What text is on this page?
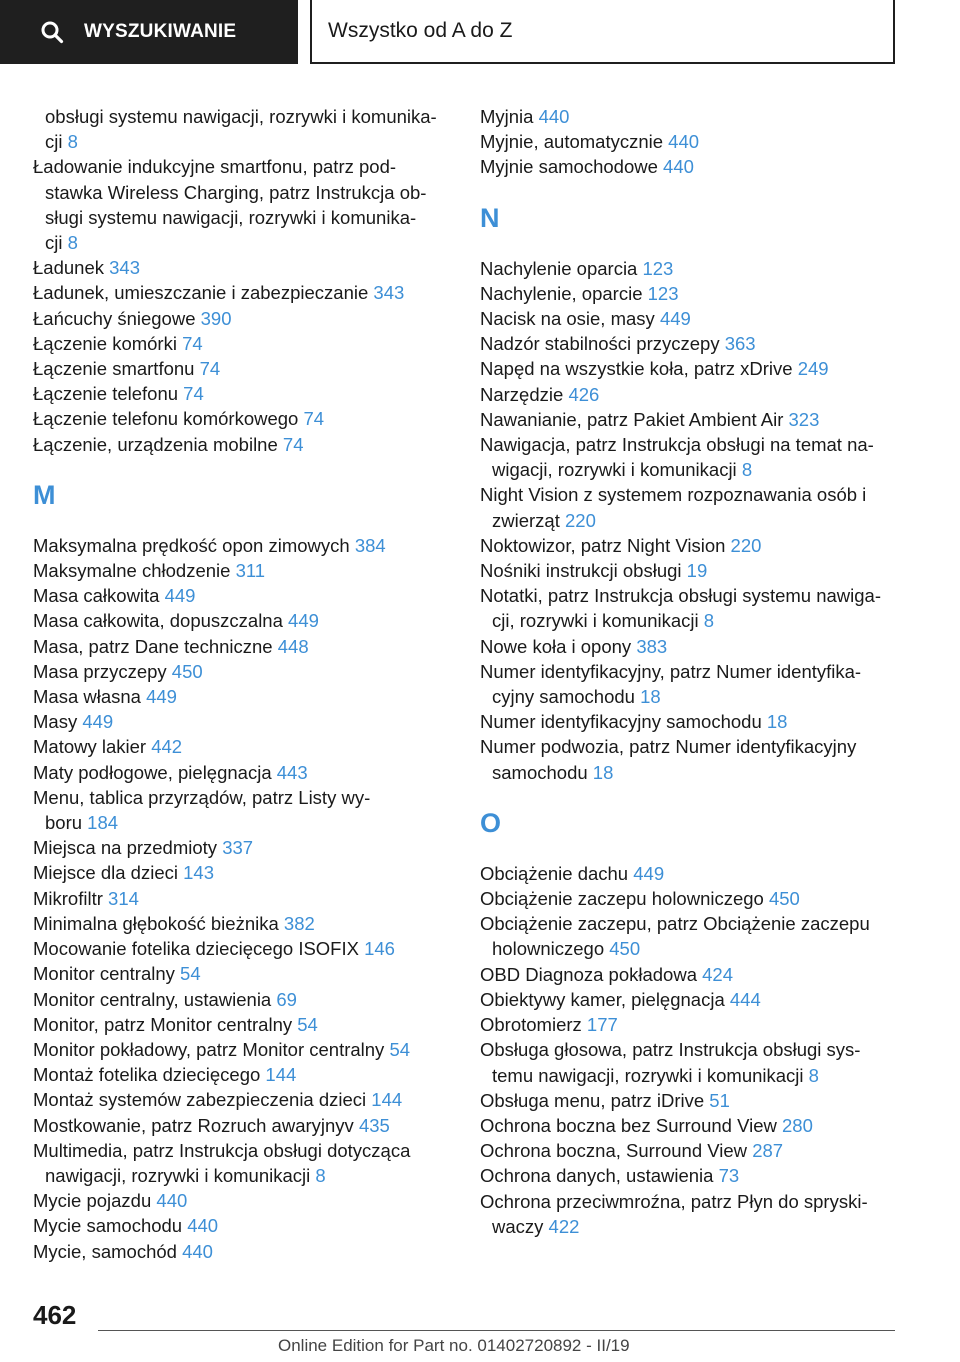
WYSZUKIWANIE	Wszystko od A do Z
obsługi systemu nawigacji, rozrywki i komunika-
cji 8
Ładowanie indukcyjne smartfonu, patrz pod-
stawka Wireless Charging, patrz Instrukcja ob-
sługi systemu nawigacji, rozrywki i komunika-
cji 8
Ładunek 343
Ładunek, umieszczanie i zabezpieczanie 343
Łańcuchy śniegowe 390
Łączenie komórki 74
Łączenie smartfonu 74
Łączenie telefonu 74
Łączenie telefonu komórkowego 74
Łączenie, urządzenia mobilne 74
M
Maksymalna prędkość opon zimowych 384
Maksymalne chłodzenie 311
Masa całkowita 449
Masa całkowita, dopuszczalna 449
Masa, patrz Dane techniczne 448
Masa przyczepy 450
Masa własna 449
Masy 449
Matowy lakier 442
Maty podłogowe, pielęgnacja 443
Menu, tablica przyrządów, patrz Listy wy-
boru 184
Miejsca na przedmioty 337
Miejsce dla dzieci 143
Mikrofiltr 314
Minimalna głębokość bieżnika 382
Mocowanie fotelika dziecięcego ISOFIX 146
Monitor centralny 54
Monitor centralny, ustawienia 69
Monitor, patrz Monitor centralny 54
Monitor pokładowy, patrz Monitor centralny 54
Montaż fotelika dziecięcego 144
Montaż systemów zabezpieczenia dzieci 144
Mostkowanie, patrz Rozruch awaryjnyv 435
Multimedia, patrz Instrukcja obsługi dotycząca
nawigacji, rozrywki i komunikacji 8
Mycie pojazdu 440
Mycie samochodu 440
Mycie, samochód 440
Myjnia 440
Myjnie, automatycznie 440
Myjnie samochodowe 440
N
Nachylenie oparcia 123
Nachylenie, oparcie 123
Nacisk na osie, masy 449
Nadzór stabilności przyczepy 363
Napęd na wszystkie koła, patrz xDrive 249
Narzędzie 426
Nawanianie, patrz Pakiet Ambient Air 323
Nawigacja, patrz Instrukcja obsługi na temat na-
wigacji, rozrywki i komunikacji 8
Night Vision z systemem rozpoznawania osób i
zwierząt 220
Noktowizor, patrz Night Vision 220
Nośniki instrukcji obsługi 19
Notatki, patrz Instrukcja obsługi systemu nawiga-
cji, rozrywki i komunikacji 8
Nowe koła i opony 383
Numer identyfikacyjny, patrz Numer identyfika-
cyjny samochodu 18
Numer identyfikacyjny samochodu 18
Numer podwozia, patrz Numer identyfikacyjny
samochodu 18
O
Obciążenie dachu 449
Obciążenie zaczepu holowniczego 450
Obciążenie zaczepu, patrz Obciążenie zaczepu
holowniczego 450
OBD Diagnoza pokładowa 424
Obiektywy kamer, pielęgnacja 444
Obrotomierz 177
Obsługa głosowa, patrz Instrukcja obsługi sys-
temu nawigacji, rozrywki i komunikacji 8
Obsługa menu, patrz iDrive 51
Ochrona boczna bez Surround View 280
Ochrona boczna, Surround View 287
Ochrona danych, ustawienia 73
Ochrona przeciwmroźna, patrz Płyn do spryski-
waczy 422
462
Online Edition for Part no. 01402720892 - II/19
